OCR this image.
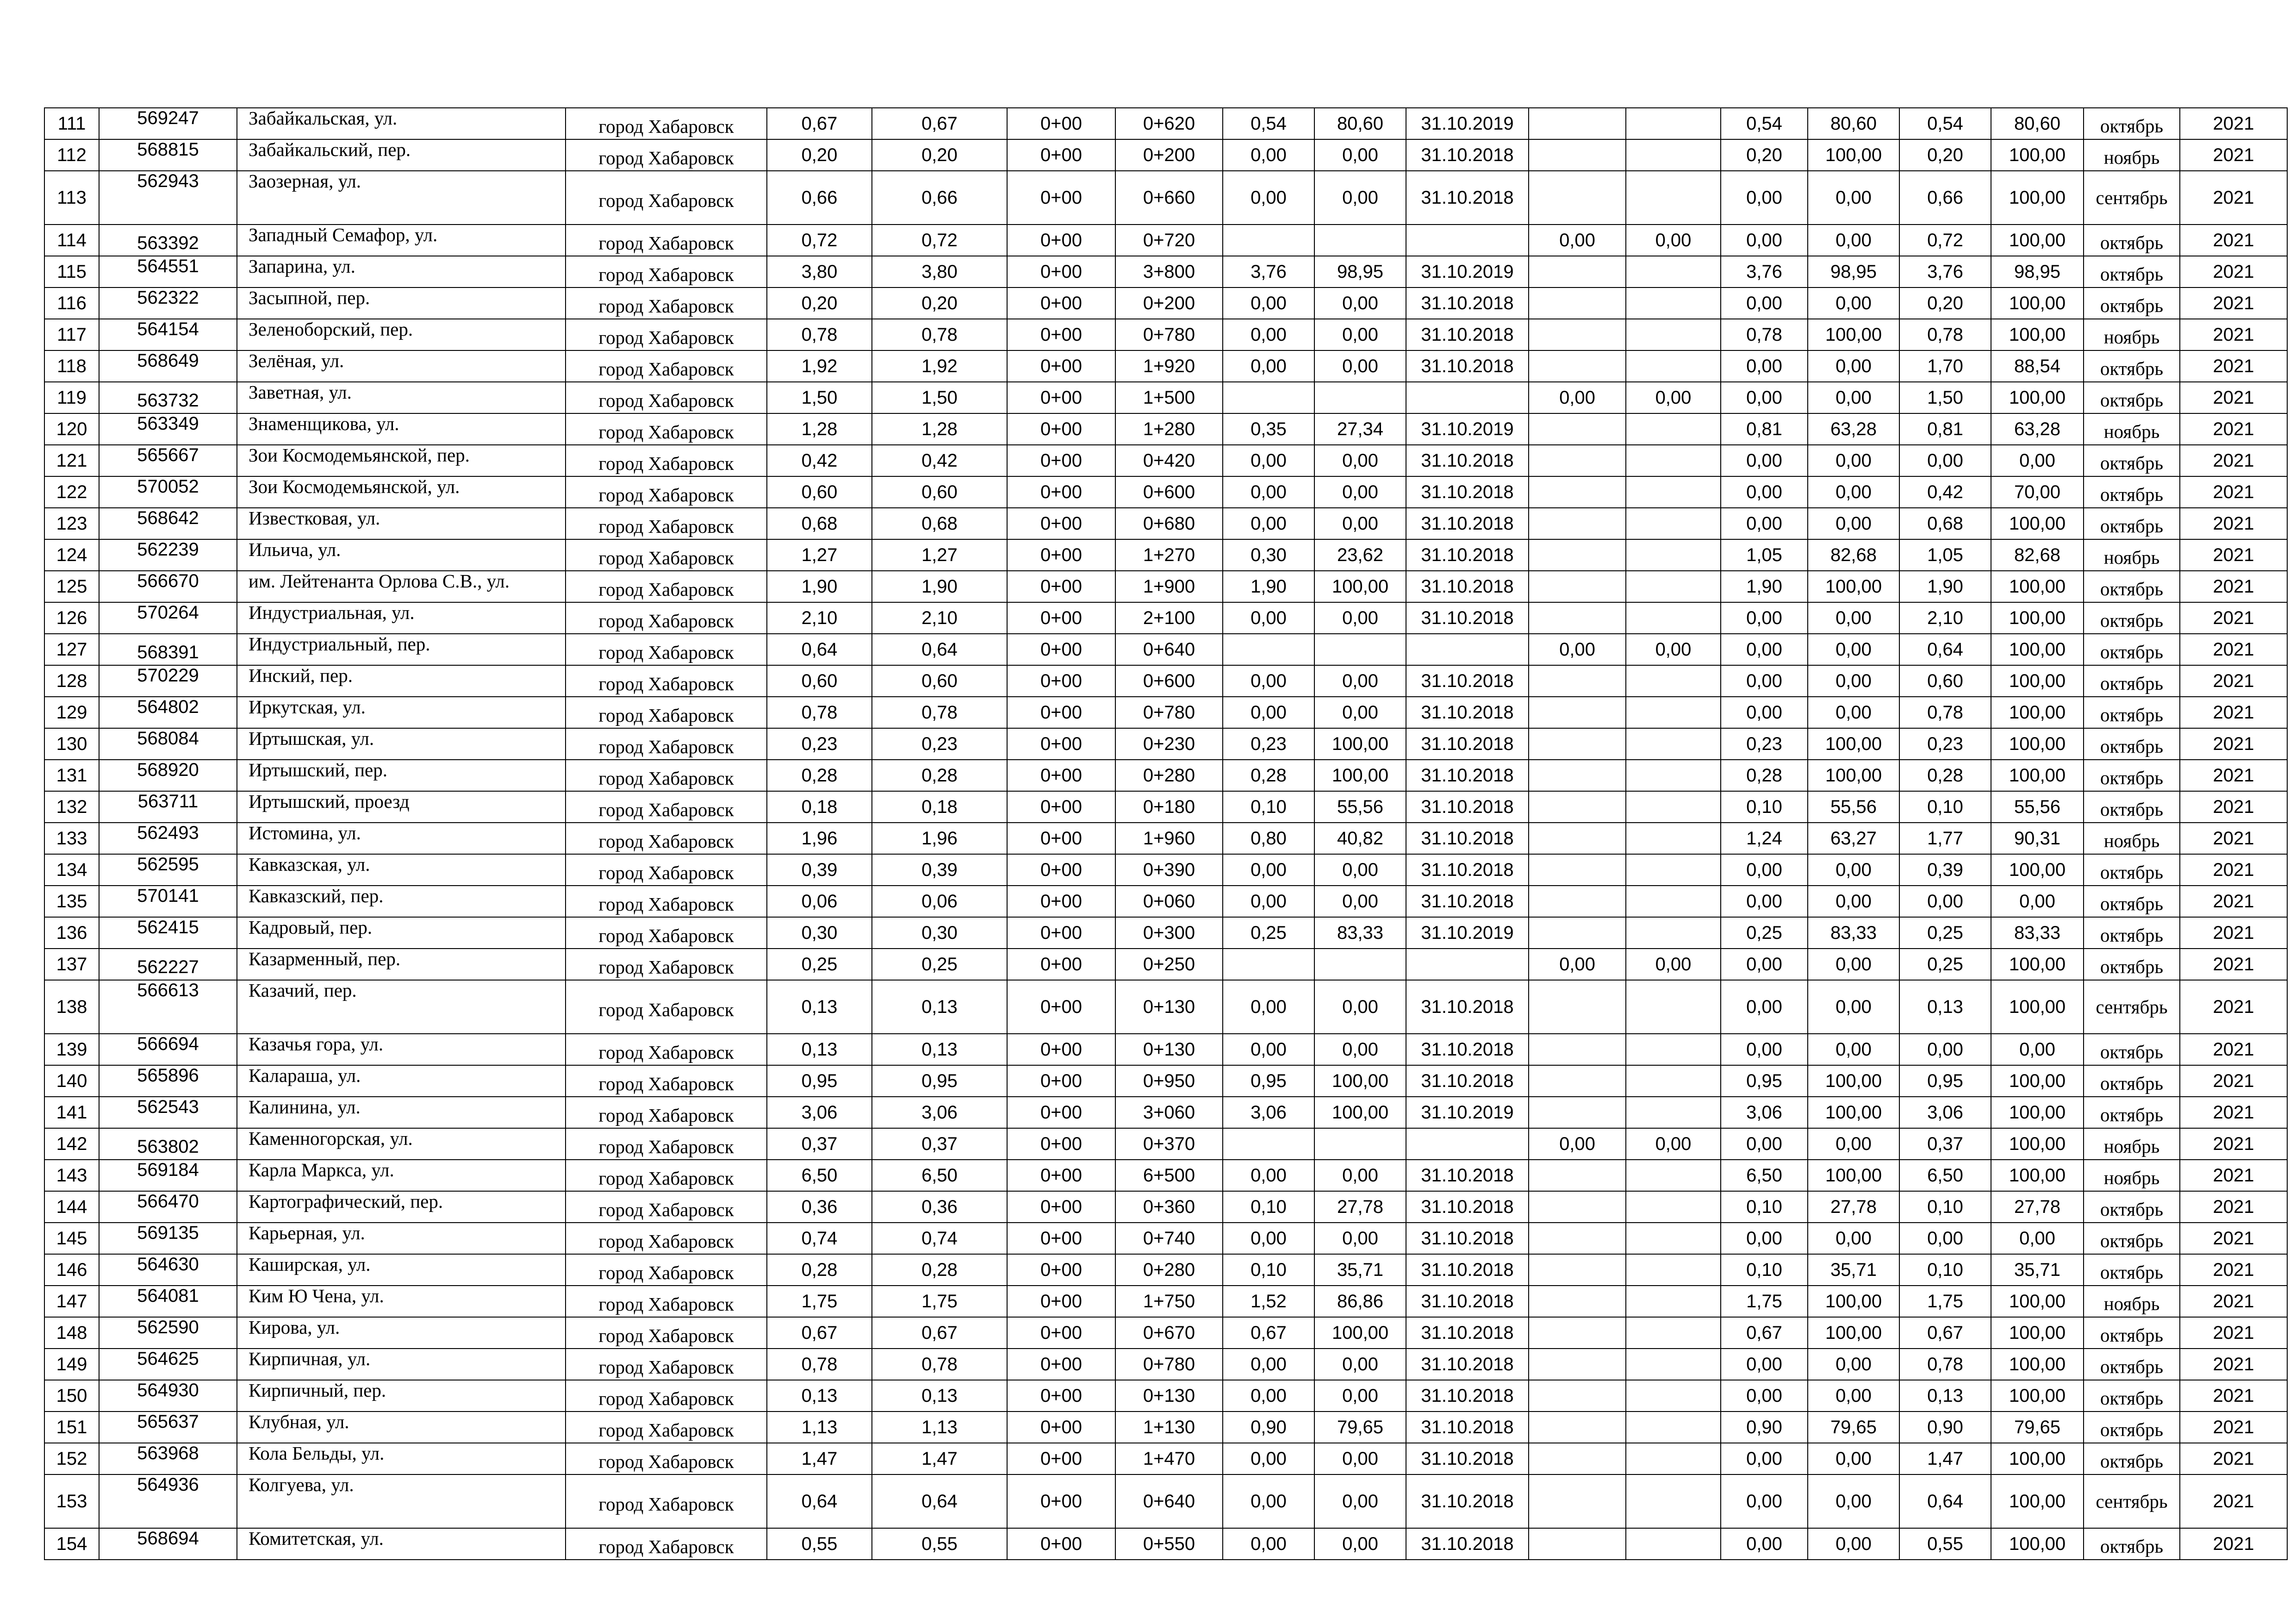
111	569247	Забайкальская, ул.	город Хабаровск	0,67	0,67	0+00	0+620	0,54	80,60	31.10.2019			0,54	80,60	0,54	80,60	октябрь	2021
112	568815	Забайкальский, пер.	город Хабаровск	0,20	0,20	0+00	0+200	0,00	0,00	31.10.2018			0,20	100,00	0,20	100,00	ноябрь	2021
113	562943	Заозерная, ул.	город Хабаровск	0,66	0,66	0+00	0+660	0,00	0,00	31.10.2018			0,00	0,00	0,66	100,00	сентябрь	2021
114	563392	Западный Семафор, ул.	город Хабаровск	0,72	0,72	0+00	0+720				0,00	0,00	0,00	0,00	0,72	100,00	октябрь	2021
115	564551	Запарина, ул.	город Хабаровск	3,80	3,80	0+00	3+800	3,76	98,95	31.10.2019			3,76	98,95	3,76	98,95	октябрь	2021
116	562322	Засыпной, пер.	город Хабаровск	0,20	0,20	0+00	0+200	0,00	0,00	31.10.2018			0,00	0,00	0,20	100,00	октябрь	2021
117	564154	Зеленоборский, пер.	город Хабаровск	0,78	0,78	0+00	0+780	0,00	0,00	31.10.2018			0,78	100,00	0,78	100,00	ноябрь	2021
118	568649	Зелёная, ул.	город Хабаровск	1,92	1,92	0+00	1+920	0,00	0,00	31.10.2018			0,00	0,00	1,70	88,54	октябрь	2021
119	563732	Заветная, ул.	город Хабаровск	1,50	1,50	0+00	1+500				0,00	0,00	0,00	0,00	1,50	100,00	октябрь	2021
120	563349	Знаменщикова, ул.	город Хабаровск	1,28	1,28	0+00	1+280	0,35	27,34	31.10.2019			0,81	63,28	0,81	63,28	ноябрь	2021
121	565667	Зои Космодемьянской, пер.	город Хабаровск	0,42	0,42	0+00	0+420	0,00	0,00	31.10.2018			0,00	0,00	0,00	0,00	октябрь	2021
122	570052	Зои Космодемьянской, ул.	город Хабаровск	0,60	0,60	0+00	0+600	0,00	0,00	31.10.2018			0,00	0,00	0,42	70,00	октябрь	2021
123	568642	Известковая, ул.	город Хабаровск	0,68	0,68	0+00	0+680	0,00	0,00	31.10.2018			0,00	0,00	0,68	100,00	октябрь	2021
124	562239	Ильича, ул.	город Хабаровск	1,27	1,27	0+00	1+270	0,30	23,62	31.10.2018			1,05	82,68	1,05	82,68	ноябрь	2021
125	566670	им. Лейтенанта Орлова С.В., ул.	город Хабаровск	1,90	1,90	0+00	1+900	1,90	100,00	31.10.2018			1,90	100,00	1,90	100,00	октябрь	2021
126	570264	Индустриальная, ул.	город Хабаровск	2,10	2,10	0+00	2+100	0,00	0,00	31.10.2018			0,00	0,00	2,10	100,00	октябрь	2021
127	568391	Индустриальный, пер.	город Хабаровск	0,64	0,64	0+00	0+640				0,00	0,00	0,00	0,00	0,64	100,00	октябрь	2021
128	570229	Инский, пер.	город Хабаровск	0,60	0,60	0+00	0+600	0,00	0,00	31.10.2018			0,00	0,00	0,60	100,00	октябрь	2021
129	564802	Иркутская, ул.	город Хабаровск	0,78	0,78	0+00	0+780	0,00	0,00	31.10.2018			0,00	0,00	0,78	100,00	октябрь	2021
130	568084	Иртышская, ул.	город Хабаровск	0,23	0,23	0+00	0+230	0,23	100,00	31.10.2018			0,23	100,00	0,23	100,00	октябрь	2021
131	568920	Иртышский, пер.	город Хабаровск	0,28	0,28	0+00	0+280	0,28	100,00	31.10.2018			0,28	100,00	0,28	100,00	октябрь	2021
132	563711	Иртышский, проезд	город Хабаровск	0,18	0,18	0+00	0+180	0,10	55,56	31.10.2018			0,10	55,56	0,10	55,56	октябрь	2021
133	562493	Истомина, ул.	город Хабаровск	1,96	1,96	0+00	1+960	0,80	40,82	31.10.2018			1,24	63,27	1,77	90,31	ноябрь	2021
134	562595	Кавказская, ул.	город Хабаровск	0,39	0,39	0+00	0+390	0,00	0,00	31.10.2018			0,00	0,00	0,39	100,00	октябрь	2021
135	570141	Кавказский, пер.	город Хабаровск	0,06	0,06	0+00	0+060	0,00	0,00	31.10.2018			0,00	0,00	0,00	0,00	октябрь	2021
136	562415	Кадровый, пер.	город Хабаровск	0,30	0,30	0+00	0+300	0,25	83,33	31.10.2019			0,25	83,33	0,25	83,33	октябрь	2021
137	562227	Казарменный, пер.	город Хабаровск	0,25	0,25	0+00	0+250				0,00	0,00	0,00	0,00	0,25	100,00	октябрь	2021
138	566613	Казачий, пер.	город Хабаровск	0,13	0,13	0+00	0+130	0,00	0,00	31.10.2018			0,00	0,00	0,13	100,00	сентябрь	2021
139	566694	Казачья гора, ул.	город Хабаровск	0,13	0,13	0+00	0+130	0,00	0,00	31.10.2018			0,00	0,00	0,00	0,00	октябрь	2021
140	565896	Калараша, ул.	город Хабаровск	0,95	0,95	0+00	0+950	0,95	100,00	31.10.2018			0,95	100,00	0,95	100,00	октябрь	2021
141	562543	Калинина, ул.	город Хабаровск	3,06	3,06	0+00	3+060	3,06	100,00	31.10.2019			3,06	100,00	3,06	100,00	октябрь	2021
142	563802	Каменногорская, ул.	город Хабаровск	0,37	0,37	0+00	0+370				0,00	0,00	0,00	0,00	0,37	100,00	ноябрь	2021
143	569184	Карла Маркса, ул.	город Хабаровск	6,50	6,50	0+00	6+500	0,00	0,00	31.10.2018			6,50	100,00	6,50	100,00	ноябрь	2021
144	566470	Картографический, пер.	город Хабаровск	0,36	0,36	0+00	0+360	0,10	27,78	31.10.2018			0,10	27,78	0,10	27,78	октябрь	2021
145	569135	Карьерная, ул.	город Хабаровск	0,74	0,74	0+00	0+740	0,00	0,00	31.10.2018			0,00	0,00	0,00	0,00	октябрь	2021
146	564630	Каширская, ул.	город Хабаровск	0,28	0,28	0+00	0+280	0,10	35,71	31.10.2018			0,10	35,71	0,10	35,71	октябрь	2021
147	564081	Ким Ю Чена, ул.	город Хабаровск	1,75	1,75	0+00	1+750	1,52	86,86	31.10.2018			1,75	100,00	1,75	100,00	ноябрь	2021
148	562590	Кирова, ул.	город Хабаровск	0,67	0,67	0+00	0+670	0,67	100,00	31.10.2018			0,67	100,00	0,67	100,00	октябрь	2021
149	564625	Кирпичная, ул.	город Хабаровск	0,78	0,78	0+00	0+780	0,00	0,00	31.10.2018			0,00	0,00	0,78	100,00	октябрь	2021
150	564930	Кирпичный, пер.	город Хабаровск	0,13	0,13	0+00	0+130	0,00	0,00	31.10.2018			0,00	0,00	0,13	100,00	октябрь	2021
151	565637	Клубная, ул.	город Хабаровск	1,13	1,13	0+00	1+130	0,90	79,65	31.10.2018			0,90	79,65	0,90	79,65	октябрь	2021
152	563968	Кола Бельды, ул.	город Хабаровск	1,47	1,47	0+00	1+470	0,00	0,00	31.10.2018			0,00	0,00	1,47	100,00	октябрь	2021
153	564936	Колгуева, ул.	город Хабаровск	0,64	0,64	0+00	0+640	0,00	0,00	31.10.2018			0,00	0,00	0,64	100,00	сентябрь	2021
154	568694	Комитетская, ул.	город Хабаровск	0,55	0,55	0+00	0+550	0,00	0,00	31.10.2018			0,00	0,00	0,55	100,00	октябрь	2021
